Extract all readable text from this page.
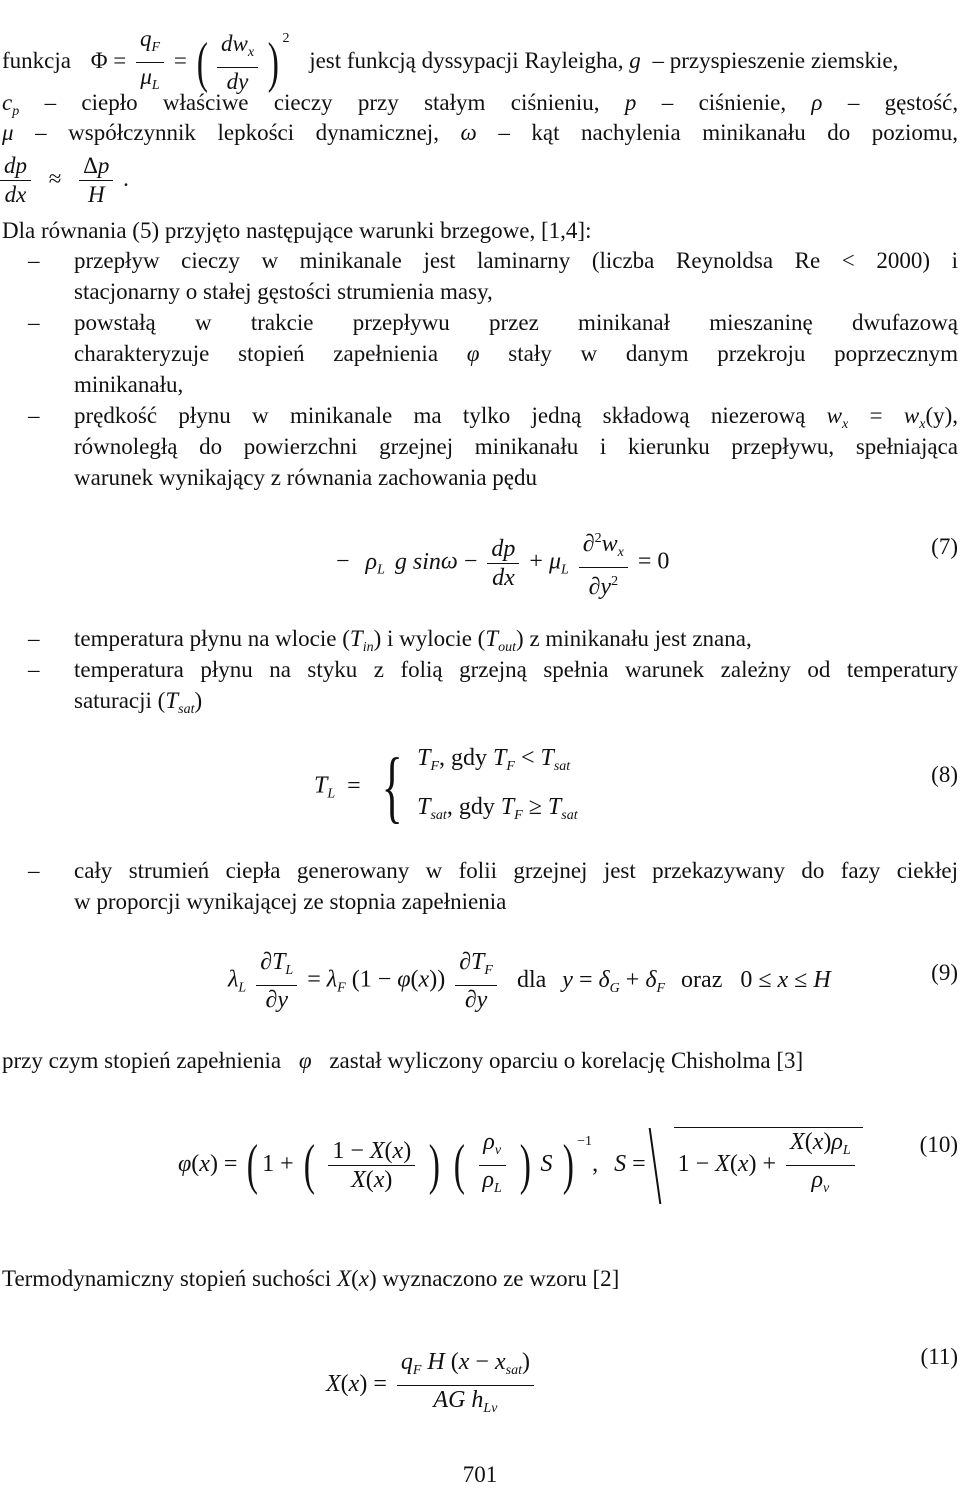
funkcja $\Phi = \frac{q_F}{\mu_L}$ = ( $\frac{dw_x}{dy}$ ) $^2$ jest funkcją dyssypacji Rayleigha, g – przyspieszenie ziemskie,
$c_p$ – ciepło właściwe cieczy przy stałym ciśnieniu, p – ciśnienie, ρ – gęstość,
μ – współczynnik lepkości dynamicznej, ω – kąt nachylenia minikanału do poziomu,
$\frac{dp}{dx} \approx \frac{\Delta p}{H}$ .
Dla równania (5) przyjęto następujące warunki brzegowe, [1,4]:
– przepływ cieczy w minikanale jest laminarny (liczba Reynoldsa Re < 2000) i
stacjonarny o stałej gęstości strumienia masy,
– powstałą w trakcie przepływu przez minikanał mieszaninę dwufazową
charakteryzuje stopień zapełnienia φ stały w danym przekroju poprzecznym
minikanału,
– prędkość płynu w minikanale ma tylko jedną składową niezerową $w_x = w_x(y)$,
równoległą do powierzchni grzejnej minikanału i kierunku przepływu, spełniająca
warunek wynikający z równania zachowania pędu
− $\rho_L$ g $\sin\omega - \frac{dp}{dx} + \mu_L \frac{\partial^2w_x}{\partial y^2} = 0$
(7)
– temperatura płynu na wlocie $(T_{in})$ i wylocie $(T_{out})$ z minikanału jest znana,
– temperatura płynu na styku z folią grzejną spełnia warunek zależny od temperatury
saturacji $(T_{sat})$
$T_L$ = { $T_F$, gdy $T_F < T_{sat}$
$T_{sat}$, gdy $T_F \ge T_{sat}$
(8)
– cały strumień ciepła generowany w folii grzejnej jest przekazywany do fazy ciekłej
w proporcji wynikającej ze stopnia zapełnienia
$\lambda_L \frac{\partial T_L}{\partial y} = \lambda_F$ $(1 - \varphi(x)) \frac{\partial T_F}{\partial y}$ dla $y = \delta_G + \delta_F$ oraz 0 ≤ x ≤ H	(9)
przy czym stopień zapełnienia φ zastał wyliczony oparciu o korelację Chisholma [3]
φ(x) = ( 1 + ( $\frac{1 - X(x)}{X(x)}$ ) ( $\frac{\rho_v}{\rho_L}$ ) S ) $^{-1}$, $S = 1 - X(x) + \frac{X(x)\rho_L}{\rho_v}$	(10)
Termodynamiczny stopień suchości X(x) wyznaczono ze wzoru [2]
$X(x) = \frac{q_F H (x - x_{sat})}{AG h_{Lv}}$	(11)
701
